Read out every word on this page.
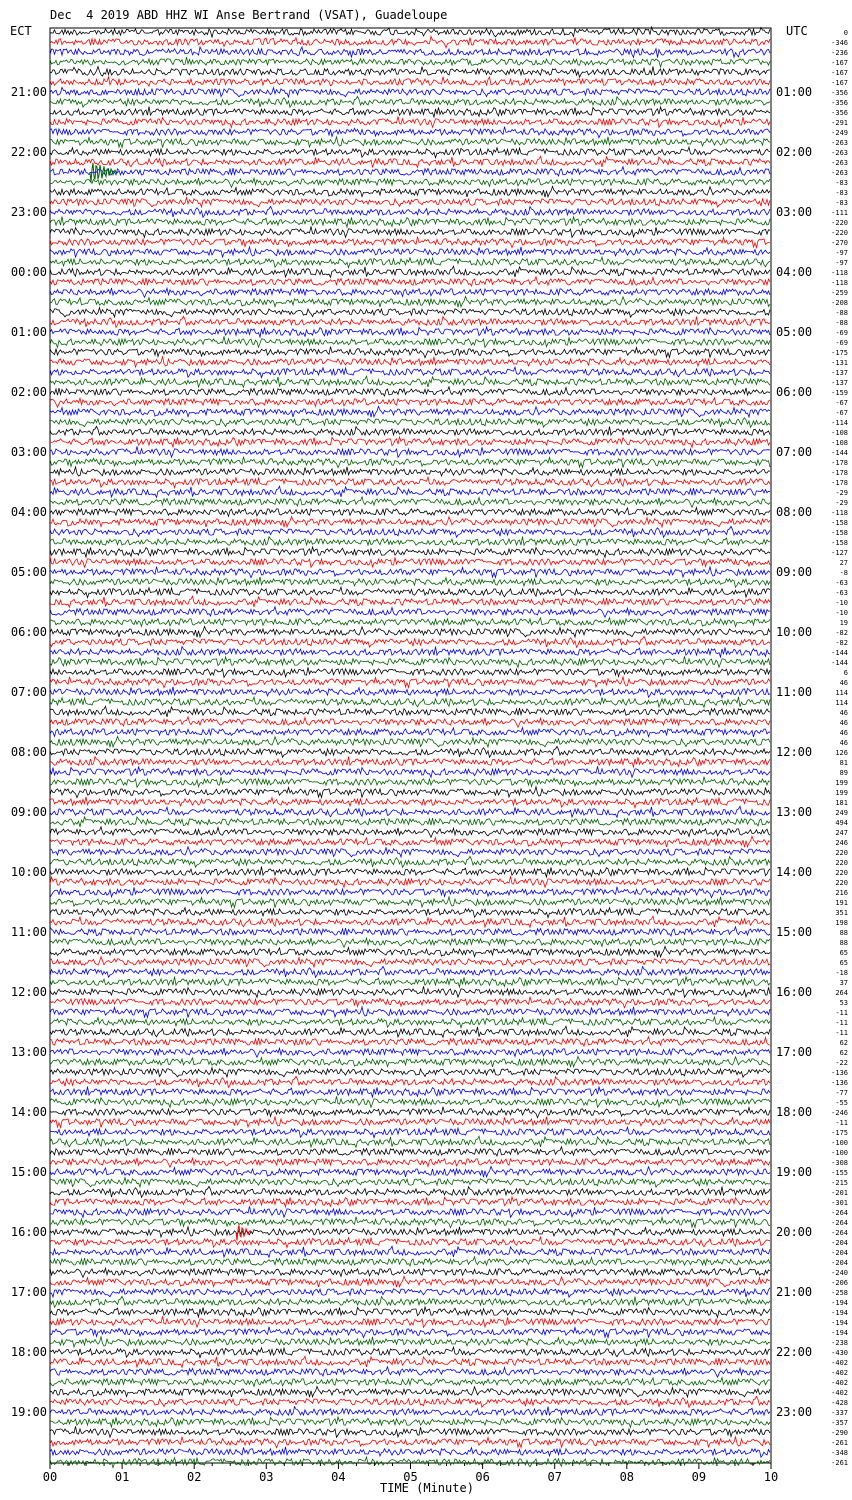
Dec  4 2019 ABD HHZ WI Anse Bertrand (VSAT), Guadeloupe
ECT	UTC	0
-346
-236
-167
-167
-167
-356
-356
-356
-291
-249
-263
-263
-263
-263
-83
-83
-83
-111
-220
-220
-270
-97
-97
-118
-118
-259
-208
-88
-88
-69
-69
-175
-131
-137
-137
-159
-67
-67
-114
-108
-108
-144
-178
-178
-178
-29
-29
-118
-158
-158
-158
-127
27
-8
-63
-63
-10
-10
19
-82
-82
-144
-144
6
46
114
114
46
46
46
46
126
81
89
199
199
181
249
494
247
246
220
220
220
220
216
191
351
198
88
88
65
65
-18
37
264
53
-11
-11
-11
62
62
-22
-136
-136
-77
-55
-246
-11
-175
-100
-100
-308
-155
-215
-201
-301
-264
-264
-264
-204
-204
-204
-240
-206
-258
-194
-194
-194
-194
-238
-430
-402
-402
-402
-402
-428
-337
-357
-290
-261
-348
-261
21:00
22:00
23:00
00:00
01:00
02:00
03:00
04:00
05:00
06:00
07:00
08:00
09:00
10:00
11:00
12:00
13:00
14:00
15:00
16:00
17:00
18:00
19:00
01:00
02:00
03:00
04:00
05:00
06:00
07:00
08:00
09:00
10:00
11:00
12:00
13:00
14:00
15:00
16:00
17:00
18:00
19:00
20:00
21:00
22:00
23:00
00	01	02	03	04	05	06	07	08	09	10
TIME (Minute)
